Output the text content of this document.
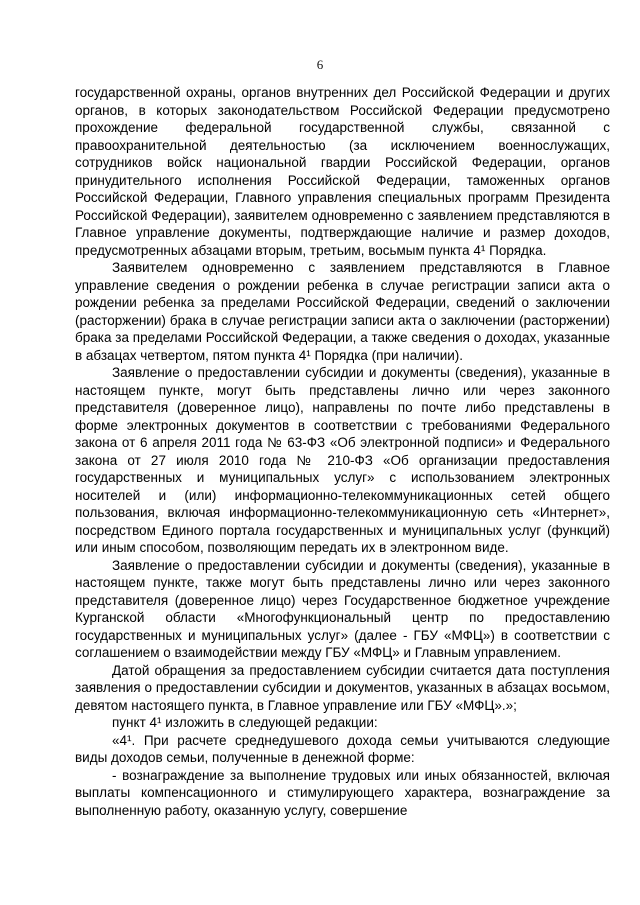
6

государственной охраны, органов внутренних дел Российской Федерации и других органов, в которых законодательством Российской Федерации предусмотрено прохождение федеральной государственной службы, связанной с правоохранительной деятельностью (за исключением военнослужащих, сотрудников войск национальной гвардии Российской Федерации, органов принудительного исполнения Российской Федерации, таможенных органов Российской Федерации, Главного управления специальных программ Президента Российской Федерации), заявителем одновременно с заявлением представляются в Главное управление документы, подтверждающие наличие и размер доходов, предусмотренных абзацами вторым, третьим, восьмым пункта 4¹ Порядка.

Заявителем одновременно с заявлением представляются в Главное управление сведения о рождении ребенка в случае регистрации записи акта о рождении ребенка за пределами Российской Федерации, сведений о заключении (расторжении) брака в случае регистрации записи акта о заключении (расторжении) брака за пределами Российской Федерации, а также сведения о доходах, указанные в абзацах четвертом, пятом пункта 4¹ Порядка (при наличии).

Заявление о предоставлении субсидии и документы (сведения), указанные в настоящем пункте, могут быть представлены лично или через законного представителя (доверенное лицо), направлены по почте либо представлены в форме электронных документов в соответствии с требованиями Федерального закона от 6 апреля 2011 года № 63-ФЗ «Об электронной подписи» и Федерального закона от 27 июля 2010 года № 210-ФЗ «Об организации предоставления государственных и муниципальных услуг» с использованием электронных носителей и (или) информационно-телекоммуникационных сетей общего пользования, включая информационно-телекоммуникационную сеть «Интернет», посредством Единого портала государственных и муниципальных услуг (функций) или иным способом, позволяющим передать их в электронном виде.

Заявление о предоставлении субсидии и документы (сведения), указанные в настоящем пункте, также могут быть представлены лично или через законного представителя (доверенное лицо) через Государственное бюджетное учреждение Курганской области «Многофункциональный центр по предоставлению государственных и муниципальных услуг» (далее - ГБУ «МФЦ») в соответствии с соглашением о взаимодействии между ГБУ «МФЦ» и Главным управлением.

Датой обращения за предоставлением субсидии считается дата поступления заявления о предоставлении субсидии и документов, указанных в абзацах восьмом, девятом настоящего пункта, в Главное управление или ГБУ «МФЦ».»;

пункт 4¹ изложить в следующей редакции:

«4¹. При расчете среднедушевого дохода семьи учитываются следующие виды доходов семьи, полученные в денежной форме:

- вознаграждение за выполнение трудовых или иных обязанностей, включая выплаты компенсационного и стимулирующего характера, вознаграждение за выполненную работу, оказанную услугу, совершение
